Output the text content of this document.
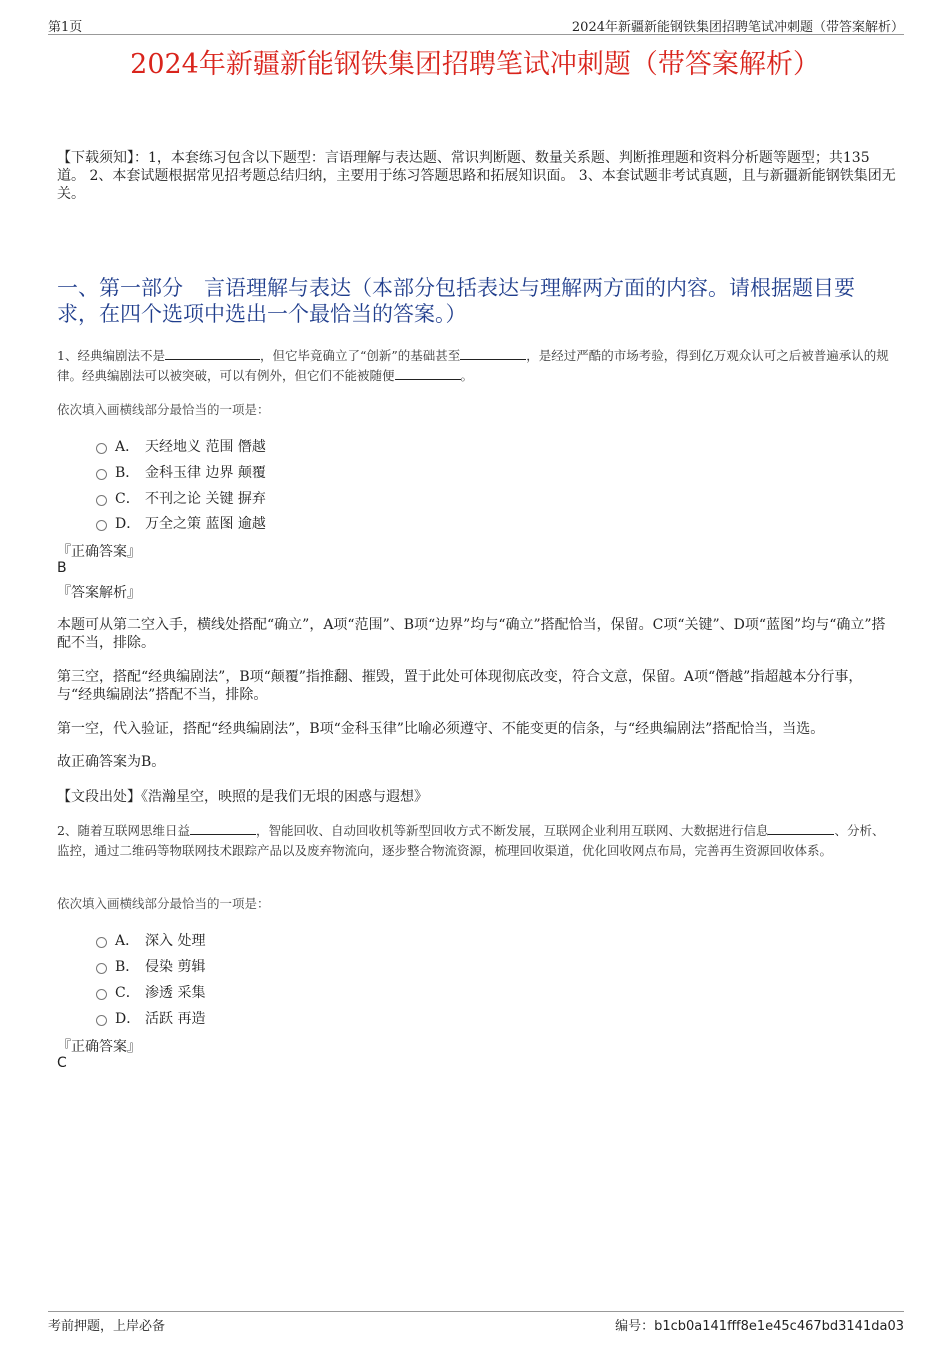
第1页	2024年新疆新能钢铁集团招聘笔试冲刺题（带答案解析）
2024年新疆新能钢铁集团招聘笔试冲刺题（带答案解析）
【下载须知】：1，本套练习包含以下题型：言语理解与表达题、常识判断题、数量关系题、判断推理题和资料分析题等题型；共135道。 2、本套试题根据常见招考题总结归纳，主要用于练习答题思路和拓展知识面。 3、本套试题非考试真题，且与新疆新能钢铁集团无关。
一、第一部分　言语理解与表达（本部分包括表达与理解两方面的内容。请根据题目要求，在四个选项中选出一个最恰当的答案。）
1、经典编剧法不是	，但它毕竟确立了“创新”的基础甚至	，是经过严酷的市场考验，得到亿万观众认可之后被普遍承认的规律。经典编剧法可以被突破，可以有例外，但它们不能被随便	。
依次填入画横线部分最恰当的一项是：
A． 天经地义 范围 僭越
B． 金科玉律 边界 颠覆
C． 不刊之论 关键 摒弃
D． 万全之策 蓝图 逾越
『正确答案』
B
『答案解析』
本题可从第二空入手，横线处搭配“确立”，A项“范围”、B项“边界”均与“确立”搭配恰当，保留。C项“关键”、D项“蓝图”均与“确立”搭配不当，排除。
第三空，搭配“经典编剧法”，B项“颠覆”指推翻、摧毁，置于此处可体现彻底改变，符合文意，保留。A项“僭越”指超越本分行事，与“经典编剧法”搭配不当，排除。
第一空，代入验证，搭配“经典编剧法”，B项“金科玉律”比喻必须遵守、不能变更的信条，与“经典编剧法”搭配恰当，当选。
故正确答案为B。
【文段出处】《浩瀚星空，映照的是我们无垠的困惑与遐想》
2、随着互联网思维日益	，智能回收、自动回收机等新型回收方式不断发展，互联网企业利用互联网、大数据进行信息	、分析、监控，通过二维码等物联网技术跟踪产品以及废弃物流向，逐步整合物流资源，梳理回收渠道，优化回收网点布局，完善再生资源回收体系。
依次填入画横线部分最恰当的一项是：
A． 深入 处理
B． 侵染 剪辑
C． 渗透 采集
D． 活跃 再造
『正确答案』
C
考前押题，上岸必备	编号：b1cb0a141fff8e1e45c467bd3141da03
